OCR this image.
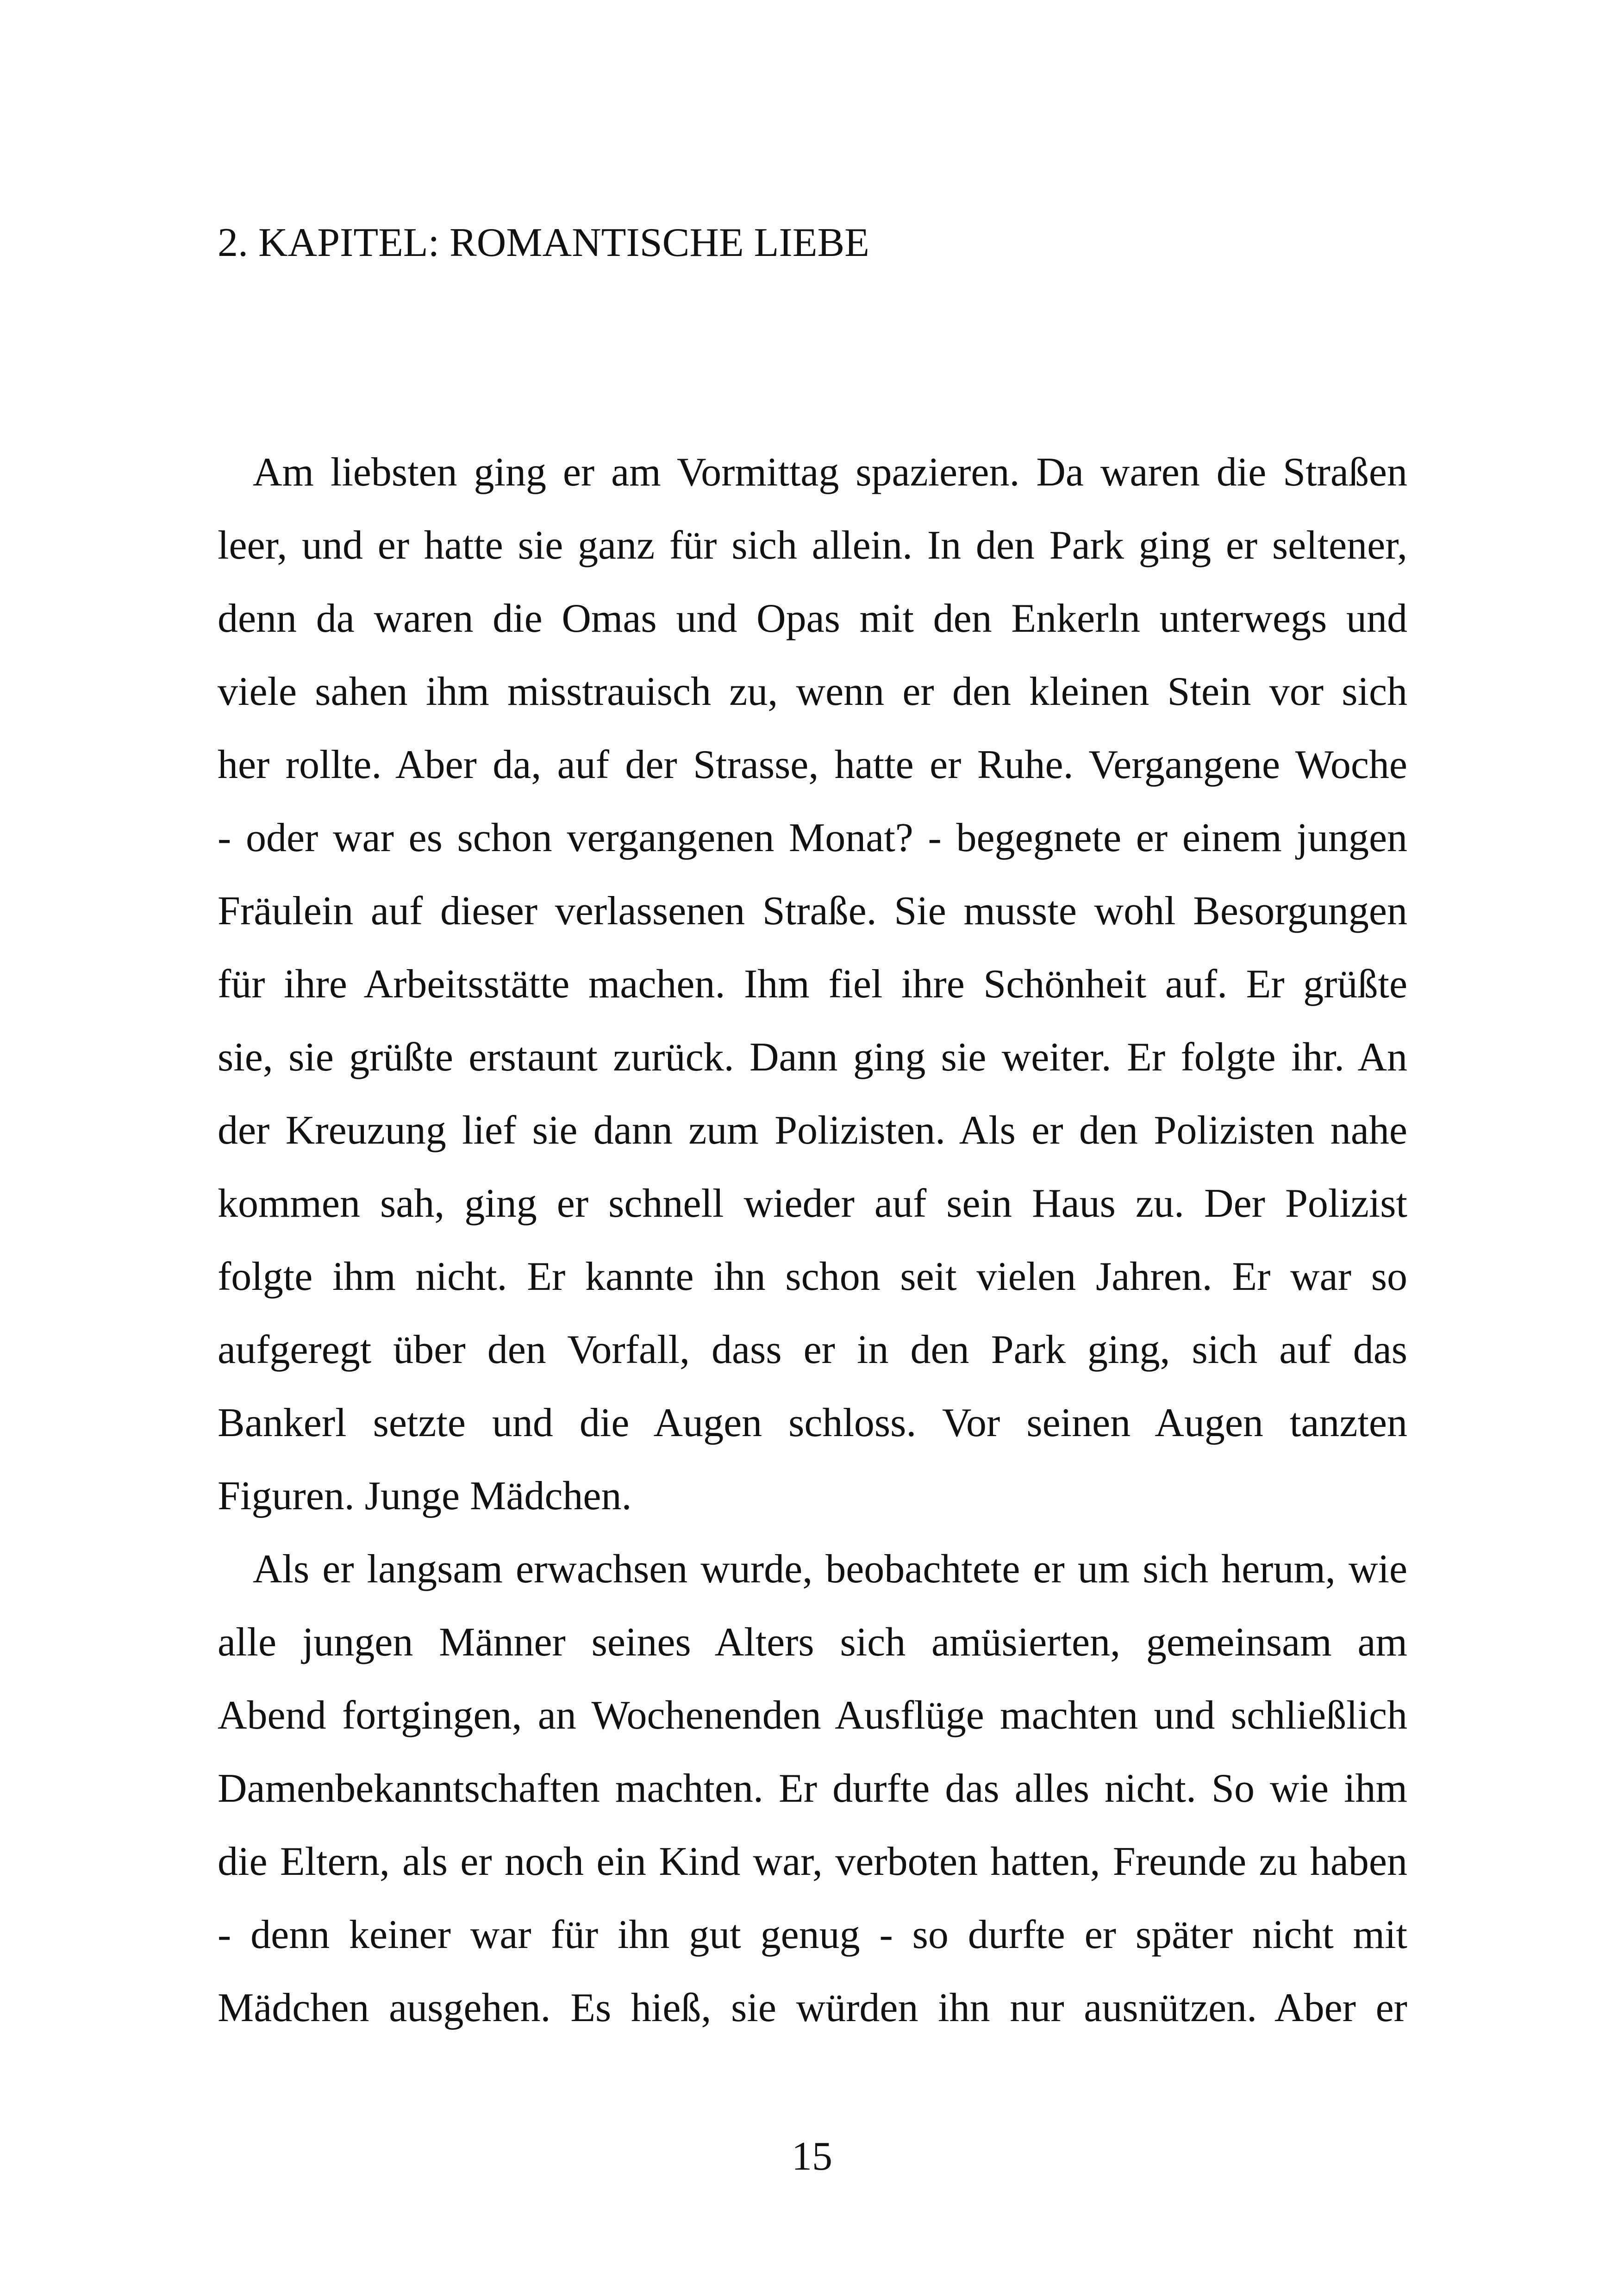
2. KAPITEL: ROMANTISCHE LIEBE

Am liebsten ging er am Vormittag spazieren. Da waren die Straßen
leer, und er hatte sie ganz für sich allein. In den Park ging er seltener,
denn da waren die Omas und Opas mit den Enkerln unterwegs und
viele sahen ihm misstrauisch zu, wenn er den kleinen Stein vor sich
her rollte. Aber da, auf der Strasse, hatte er Ruhe. Vergangene Woche
- oder war es schon vergangenen Monat? - begegnete er einem jungen
Fräulein auf dieser verlassenen Straße. Sie musste wohl Besorgungen
für ihre Arbeitsstätte machen. Ihm fiel ihre Schönheit auf. Er grüßte
sie, sie grüßte erstaunt zurück. Dann ging sie weiter. Er folgte ihr. An
der Kreuzung lief sie dann zum Polizisten. Als er den Polizisten nahe
kommen sah, ging er schnell wieder auf sein Haus zu. Der Polizist
folgte ihm nicht. Er kannte ihn schon seit vielen Jahren. Er war so
aufgeregt über den Vorfall, dass er in den Park ging, sich auf das
Bankerl setzte und die Augen schloss. Vor seinen Augen tanzten
Figuren. Junge Mädchen.

Als er langsam erwachsen wurde, beobachtete er um sich herum, wie
alle jungen Männer seines Alters sich amüsierten, gemeinsam am
Abend fortgingen, an Wochenenden Ausflüge machten und schließlich
Damenbekanntschaften machten. Er durfte das alles nicht. So wie ihm
die Eltern, als er noch ein Kind war, verboten hatten, Freunde zu haben
- denn keiner war für ihn gut genug - so durfte er später nicht mit
Mädchen ausgehen. Es hieß, sie würden ihn nur ausnützen. Aber er

15
